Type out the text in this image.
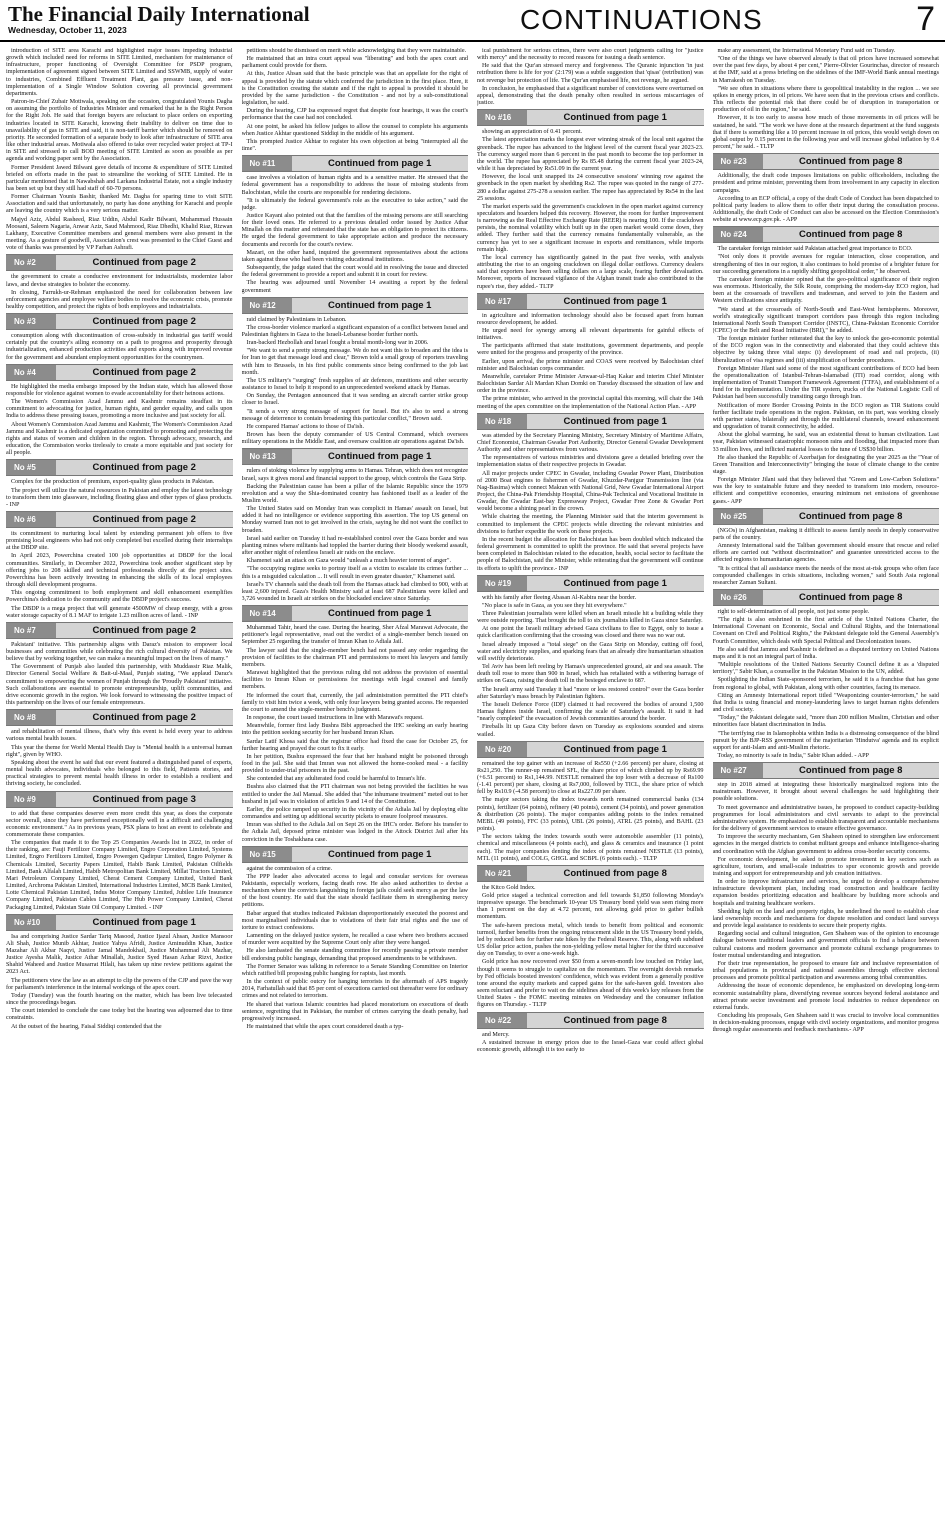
The Financial Daily International
Wednesday, October 11, 2023	CONTINUATIONS	7

introduction of SITE area Karachi and highlighted major issues impeding industrial growth which included need for reforms in SITE Limited, mechanism for maintenance of infrastructure, proper functioning of Oversight Committee for PSDP program, implementation of agreement signed between SITE Limited and SSWMB, supply of water to industries, Combined Effluent Treatment Plant, gas pressure issue, and non-implementation of a Single Window Solution covering all provincial government departments.

Patron-in-Chief Zubair Motiwala, speaking on the occasion, congratulated Younis Dagha on assuming the portfolio of Industries Minister and remarked that he is the Right Person for the Right Job. He said that foreign buyers are reluctant to place orders on exporting industries located in SITE Karachi, knowing their inability to deliver on time due to unavailability of gas in SITE and said, it is non-tariff barrier which should be removed on priority. He seconded formation of a separate body to look after infrastructure of SITE area like other industrial areas. Motiwala also offered to take over recycled water project at TP-I in SITE and stressed to call BOD meeting of SITE Limited as soon as possible as per agenda and working paper sent by the Association.

Former President Jawed Bilwani gave details of income & expenditure of SITE Limited briefed on efforts made in the past to streamline the working of SITE Limited. He in particular mentioned that in Nawabshah and Larkana Industrial Estate, not a single industry has been set up but they still had staff of 60-70 persons.

Former Chairman Younis Bashir, thanked Mr. Dagha for sparing time to visit SITE Association and said that unfortunately, no party has done anything for Karachi and people are leaving the country which is a very serious matter.

Majyd Aziz, Abdul Rasheed, Riaz Uddin, Abdul Kadir Bilwani, Muhammad Hussain Moosani, Saleem Nagaria, Anwar Aziz, Saud Mahmood, Riaz Dhedhi, Khalid Riaz, Rizwan Lakhany, Executive Committee members and general members were also present in the meeting. As a gesture of goodwill, Association's crest was presented to the Chief Guest and vote of thanks was presented by VP Farhan Ashrafi.

No #2	Continued from page 2

the government to create a conducive environment for industrialists, modernize labor laws, and devise strategies to bolster the economy.

In closing, Farrukh-ur-Rehman emphasized the need for collaboration between law enforcement agencies and employee welfare bodies to resolve the economic crisis, promote healthy competition, and protect the rights of both employees and industrialists.

No #3	Continued from page 2

consumption along with discontinuation of cross-subsidy in industrial gas tariff would certainly put the country's ailing economy on a path to progress and prosperity through industrialization, enhanced production activities and exports along with improved revenue for the government and abundant employment opportunities for the countrymen.

No #4	Continued from page 2

He highlighted the media embargo imposed by the Indian state, which has allowed those responsible for violence against women to evade accountability for their heinous actions.

The Women's Commission Azad Jammu and Kashmir remains steadfast in its commitment to advocating for justice, human rights, and gender equality, and calls upon India to address these pressing issues, promoting a more inclusive and just society for all.

About Women's Commission Azad Jammu and Kashmir, The Women's Commission Azad Jammu and Kashmir is a dedicated organization committed to promoting and protecting the rights and status of women and children in the region. Through advocacy, research, and education, the Commission works tirelessly to create a more equitable and just society for all people.

No #5	Continued from page 2

Complex for the production of premium, export-quality glass products in Pakistan.

The project will utilize the natural resources in Pakistan and employ the latest technology to transform them into glassware, including floating glass and other types of glass products. - INP

No #6	Continued from page 2

its commitment to nurturing local talent by extending permanent job offers to five promising local engineers who had not only completed but excelled during their internships at the DBDP site.

In April 2023, Powerchina created 100 job opportunities at DBDP for the local communities. Similarly, in December 2022, Powerchina took another significant step by offering jobs to 208 skilled and technical professionals directly at the project sites. Powerchina has been actively investing in enhancing the skills of its local employees through skill development programs.

This ongoing commitment to both employment and skill enhancement exemplifies Powerchina's dedication to the community and the DBDP project's success.

The DBDP is a mega project that will generate 4500MW of cheap energy, with a gross water storage capacity of 8.1 MAF to irrigate 1.23 million acres of land. - INP

No #7	Continued from page 2

Pakistani' initiative. This partnership aligns with Daraz's mission to empower local businesses and communities while celebrating the rich cultural diversity of Pakistan. We believe that by working together, we can make a meaningful impact on the lives of many."

The Government of Punjab also lauded this partnership, with Muddassir Riaz Malik, Director General Social Welfare & Bait-ul-Maal, Punjab stating, "We applaud Daraz's commitment to empowering the women of Punjab through the 'Proudly Pakistani' initiative. Such collaborations are essential to promote entrepreneurship, uplift communities, and drive economic growth in the region. We look forward to witnessing the positive impact of this partnership on the lives of our female entrepreneurs.

No #8	Continued from page 2

and rehabilitation of mental illness, that's why this event is held every year to address various mental health issues.

This year the theme for World Mental Health Day is "Mental health is a universal human right", given by WHO.

Speaking about the event he said that our event featured a distinguished panel of experts, mental health advocates, individuals who belonged to this field, Patients stories, and practical strategies to prevent mental health illness in order to establish a resilient and thriving society, he concluded.

No #9	Continued from page 3

to add that these companies deserve even more credit this year, as does the corporate sector overall, since they have performed exceptionally well in a difficult and challenging economic environment." As in previous years, PSX plans to host an event to celebrate and commemorate these companies.

The companies that made it to the Top 25 Companies Awards list in 2022, in order of their ranking, are: Fauji Fertilizer Company Limited, Engro Corporation Limited, Systems Limited, Engro Fertilizers Limited, Engro Powergen Qadirpur Limited, Engro Polymer & Chemicals Limited, Security Papers Limited, Habib Bank Limited, Pakistan Oilfields Limited, Bank Alfalah Limited, Habib Metropolitan Bank Limited, Millat Tractors Limited, Mari Petroleum Company Limited, Cherat Cement Company Limited, United Bank Limited, Archroma Pakistan Limited, International Industries Limited, MCB Bank Limited, Lotte Chemical Pakistan Limited, Indus Motor Company Limited, Jubilee Life Insurance Company Limited, Pakistan Cables Limited, The Hub Power Company Limited, Cherat Packaging Limited, Pakistan State Oil Company Limited. - INP

No #10	Continued from page 1

Isa and comprising Justice Sardar Tariq Masood, Justice Ijazul Ahsan, Justice Mansoor Ali Shah, Justice Munib Akhtar, Justice Yahya Afridi, Justice Aminuddin Khan, Justice Mazahar Ali Akbar Naqvi, Justice Jamal Mandokhail, Justice Muhammad Ali Mazhar, Justice Ayesha Malik, Justice Athar Minallah, Justice Syed Hasan Azhar Rizvi, Justice Shahid Waheed and Justice Musarrat Hilali, has taken up nine review petitions against the 2023 Act.

The petitioners view the law as an attempt to clip the powers of the CJP and pave the way for parliament's interference in the internal workings of the apex court.

Today (Tuesday) was the fourth hearing on the matter, which has been live telecasted since the proceedings began.

The court intended to conclude the case today but the hearing was adjourned due to time constraints.

At the outset of the hearing, Faisal Siddiqi contended that the

petitions should be dismissed on merit while acknowledging that they were maintainable.

He maintained that an intra court appeal was "liberating" and both the apex court and parliament could provide for them.

At this, Justice Ahsan said that the basic principle was that an appellate for the right of appeal is provided by the statute which conferred the jurisdiction in the first place. Here, it is the Constitution creating the statute and if the right to appeal is provided it should be provided by the same jurisdiction - the Constitution - and not by a sub-constitutional legislation, he said.

During the hearing, CJP Isa expressed regret that despite four hearings, it was the court's performance that the case had not concluded.

At one point, he asked his fellow judges to allow the counsel to complete his arguments when Justice Akhtar questioned Siddiqi in the middle of his argument.

This prompted Justice Akhtar to register his own objection at being "interrupted all the time".

No #11	Continued from page 1

case involves a violation of human rights and is a sensitive matter. He stressed that the federal government has a responsibility to address the issue of missing students from Balochistan, while the courts are responsible for rendering decisions.

"It is ultimately the federal government's role as the executive to take action," said the judge.

Justice Kayani also pointed out that the families of the missing persons are still searching for their loved ones. He referred to a previous detailed order issued by Justice Athar Minallah on this matter and reiterated that the state has an obligation to protect its citizens. He urged the federal government to take appropriate action and produce the necessary documents and records for the court's review.

Mazari, on the other hand, inquired the government representatives about the actions taken against those who had been visiting educational institutions.

Subsequently, the judge stated that the court would aid in resolving the issue and directed the federal government to provide a report and submit it in court for review.

The hearing was adjourned until November 14 awaiting a report by the federal government

No #12	Continued from page 1

raid claimed by Palestinians in Lebanon.

The cross-border violence marked a significant expansion of a conflict between Israel and Palestinian fighters in Gaza to the Israeli-Lebanese border further north.

Iran-backed Hezbollah and Israel fought a brutal month-long war in 2006.

"We want to send a pretty strong message. We do not want this to broaden and the idea is for Iran to get that message loud and clear," Brown told a small group of reporters traveling with him to Brussels, in his first public comments since being confirmed to the job last month.

The US military's "surging" fresh supplies of air defences, munitions and other security assistance to Israel to help it respond to an unprecedented weekend attack by Hamas.

On Sunday, the Pentagon announced that it was sending an aircraft carrier strike group closer to Israel.

"It sends a very strong message of support for Israel. But it's also to send a strong message of deterrence to contain broadening this particular conflict," Brown said.

He compared Hamas' actions to those of Da'ish.

Brown has been the deputy commander of US Central Command, which oversees military operations in the Middle East, and oversaw coalition air operations against Da'ish.

No #13	Continued from page 1

rulers of stoking violence by supplying arms to Hamas. Tehran, which does not recognize Israel, says it gives moral and financial support to the group, which controls the Gaza Strip.

Backing the Palestinian cause has been a pillar of the Islamic Republic since the 1979 revolution and a way the Shia-dominated country has fashioned itself as a leader of the Muslim world.

The United States said on Monday Iran was complicit in Hamas' assault on Israel, but added it had no intelligence or evidence supporting this assertion. The top US general on Monday warned Iran not to get involved in the crisis, saying he did not want the conflict to broaden.

Israel said earlier on Tuesday it had re-established control over the Gaza border and was planting mines where militants had toppled the barrier during their bloody weekend assault, after another night of relentless Israeli air raids on the enclave.

Khamenei said an attack on Gaza would "unleash a much heavier torrent of anger".

"The occupying regime seeks to portray itself as a victim to escalate its crimes further ... this is a misguided calculation ... It will result in even greater disaster," Khamenei said.

Israel's TV channels said the death toll from the Hamas attack had climbed to 900, with at least 2,600 injured. Gaza's Health Ministry said at least 687 Palestinians were killed and 3,726 wounded in Israeli air strikes on the blockaded enclave since Saturday.

No #14	Continued from page 1

Muhammad Tahir, heard the case. During the hearing, Sher Afzal Marawat Advocate, the petitioner's legal representative, read out the verdict of a single-member bench issued on September 25 regarding the transfer of Imran Khan to Adiala Jail.

The lawyer said that the single-member bench had not passed any order regarding the provision of facilities to the chairman PTI and permissions to meet his lawyers and family members.

Marawat highlighted that the previous ruling did not address the provision of essential facilities to Imran Khan or permissions for meetings with legal counsel and family members.

He informed the court that, currently, the jail administration permitted the PTI chief's family to visit him twice a week, with only four lawyers being granted access. He requested the court to amend the single-member bench's judgment.

In response, the court issued instructions in line with Marawat's request.

Meanwhile, former first lady Bushra Bibi approached the IHC seeking an early hearing into the petition seeking security for her husband Imran Khan.

Sardar Latif Khosa said that the registrar office had fixed the case for October 25, for further hearing and prayed the court to fix it early.

In her petition, Bushra expressed the fear that her husband might be poisoned through food in the jail. She said that Imran was not allowed the home-cooked meal - a facility provided to under-trial prisoners in the past.

She contended that any adulterated food could be harmful to Imran's life.

Bushra also claimed that the PTI chairman was not being provided the facilities he was entitled to under the Jail Manual. She added that "the inhumane treatment" meted out to her husband in jail was in violation of articles 9 and 14 of the Constitution.

Earlier, the police ramped up security in the vicinity of the Adiala Jail by deploying elite commandos and setting up additional security pickets to ensure foolproof measures.

Imran was shifted to the Adiala Jail on Sept 26 on the IHC's order. Before his transfer to the Adiala Jail, deposed prime minister was lodged in the Attock District Jail after his conviction in the Toshakhana case.

No #15	Continued from page 1

against the commission of a crime.

The PPP leader also advocated access to legal and consular services for overseas Pakistanis, especially workers, facing death row. He also asked authorities to devise a mechanism where the convicts languishing in foreign jails could seek mercy as per the law of the host country. He said that the state should facilitate them in strengthening mercy petitions.

Babar argued that studies indicated Pakistan disproportionately executed the poorest and most marginalised individuals due to violations of their fair trial rights and the use of torture to extract confessions.

Lamenting on the delayed justice system, he recalled a case where two brothers accused of murder were acquitted by the Supreme Court only after they were hanged.

He also lambasted the senate standing committee for recently passing a private member bill endorsing public hangings, demanding that proposed amendments to be withdrawn.

The Former Senator was talking in reference to a Senate Standing Committee on Interior which ratified bill proposing public hanging for rapists, last month.

In the context of public outcry for hanging terrorists in the aftermath of APS tragedy 2014, Farhatullah said that 85 per cent of executions carried out thereafter were for ordinary crimes and not related to terrorism.

He shared that various Islamic countries had placed moratorium on executions of death sentence, regretting that in Pakistan, the number of crimes carrying the death penalty, had progressively increased.

He maintained that while the apex court considered death a typ-

ical punishment for serious crimes, there were also court judgments calling for "justice with mercy" and the necessity to record reasons for issuing a death sentence.

He said that the Qur'an stressed mercy and forgiveness. The Quranic injunction 'in just retribution there is life for you' (2:179) was a subtle suggestion that 'qisas' (retribution) was not revenge but protection of life. The Qur'an emphasised life, not revenge, he argued.

In conclusion, he emphasised that a significant number of convictions were overturned on appeal, demonstrating that the death penalty often resulted in serious miscarriages of justice.

No #16	Continued from page 1

showing an appreciation of 0.41 percent.

The latest appreciation marks the longest ever winning streak of the local unit against the greenback. The rupee has advanced to the highest level of the current fiscal year 2023-23. The currency surged more than 6 percent in the past month to become the top performer in the world. The rupee has appreciated by Rs 85.48 during the current fiscal year 2023-24, while it has depreciated by Rs51.09 in the current year.

However, the local unit snapped its 24 consecutive sessions' winning row against the greenback in the open market by shedding Rs2. The rupee was quoted in the range of 277-280 a dollar against 275-278 a session earlier. The rupee has appreciated by Rs54 in the last 25 sessions.

The market experts said the government's crackdown in the open market against currency speculators and hoarders helped this recovery. However, the room for further improvement is narrowing as the Real Effective Exchange Rate (REER) is nearing 100. If the crackdown persists, the nominal volatility which built up in the open market would come down, they added. They further said that the currency remains fundamentally vulnerable, as the currency has yet to see a significant increase in exports and remittances, while imports remain high.

The local currency has significantly gained in the past five weeks, with analysts attributing the rise to an ongoing crackdown on illegal dollar outflows. Currency dealers said that exporters have been selling dollars on a large scale, fearing further devaluation. Moreover, reports of increased vigilance of the Afghan transit trade also contributed to the rupee's rise, they added.- TLTP

No #17	Continued from page 1

in agriculture and information technology should also be focused apart from human resource development, he added.

He urged need for synergy among all relevant departments for gainful effects of initiatives.

The participants affirmed that state institutions, government departments, and people were united for the progress and prosperity of the province.

Earlier, upon arrival, the prime minister and COAS were received by Balochistan chief minister and Balochistan corps commander.

Meanwhile, caretaker Prime Minister Anwaar-ul-Haq Kakar and interim Chief Minister Balochistan Sardar Ali Mardan Khan Domki on Tuesday discussed the situation of law and order in the province.

The prime minister, who arrived in the provincial capital this morning, will chair the 14th meeting of the apex committee on the implementation of the National Action Plan. - APP

No #18	Continued from page 1

was attended by the Secretary Planning Ministry, Secretary Ministry of Maritime Affairs, Chief Economist, Chairman Gwadar Port Authority, Director General Gwadar Development Authority and other representatives from various.

The representatives of various ministries and divisions gave a detailed briefing over the implementation status of their respective projects in Gwadar.

All major projects under CPEC in Gwadar, including Gwadar Power Plant, Distribution of 2000 Boat engines to fishermen of Gwadar, Khuzdar-Panjgur Transmission line (via Nag-Basima) which connect Makran with National Grid, New Gwadar International Airport Project, the China-Pak Friendship Hospital, China-Pak Technical and Vocational Institute in Gwadar, the Gwadar East-bay Expressway Project, Gwadar Free Zone & Gwadar Port would become a shining pearl in the crown.

While chairing the meeting, the Planning Minister said that the interim government is committed to implement the CPEC projects while directing the relevant ministries and divisions to further expedite the work on these projects.

In the recent budget the allocation for Balochistan has been doubled which indicated the federal government is committed to uplift the province. He said that several projects have been completed in Balochistan related to the education, health, social sector to facilitate the people of Balochistan, said the Minister, while reiterating that the government will continue its efforts to uplift the province.- INP

No #19	Continued from page 1

with his family after fleeing Abasan Al-Kabira near the border.

"No place is safe in Gaza, as you see they hit everywhere."

Three Palestinian journalists were killed when an Israeli missile hit a building while they were outside reporting. That brought the toll to six journalists killed in Gaza since Saturday.

At one point the Israeli military advised Gaza civilians to flee to Egypt, only to issue a quick clarification confirming that the crossing was closed and there was no war out.

Israel already imposed a "total siege" on the Gaza Strip on Monday, cutting off food, water and electricity supplies, and sparking fears that an already dire humanitarian situation will swiftly deteriorate.

Tel Aviv has been left reeling by Hamas's unprecedented ground, air and sea assault. The death toll rose to more than 900 in Israel, which has retaliated with a withering barrage of strikes on Gaza, raising the death toll in the besieged enclave to 687.

The Israeli army said Tuesday it had "more or less restored control" over the Gaza border after Saturday's mass breach by Palestinian fighters.

The Israeli Defence Force (IDF) claimed it had recovered the bodies of around 1,500 Hamas fighters inside Israel, confirming the scale of Saturday's assault. It said it had "nearly completed" the evacuation of Jewish communities around the border.

Fireballs lit up Gaza City before dawn on Tuesday as explosions sounded and sirens wailed.

No #20	Continued from page 1

remained the top gainer with an increase of Rs550 (+2.66 percent) per share, closing at Rs21,250. The runner-up remained SFL, the share price of which climbed up by Rs69.99 (+6.51 percent) to Rs1,144.99. NESTLE remained the top loser with a decrease of Rs100 (-1.41 percent) per share, closing at Rs7,000, followed by TICL, the share price of which fell by Rs10.9 (-4.58 percent) to close at Rs227.09 per share.

The major sectors taking the index towards north remained commercial banks (134 points), fertilizer (64 points), refinery (40 points), cement (34 points), and power generation & distribution (26 points). The major companies adding points to the index remained MEBL (49 points), FFC (33 points), UBL (26 points), ATRL (25 points), and BAHL (23 points).

The sectors taking the index towards south were automobile assembler (11 points), chemical and miscellaneous (4 points each), and glass & ceramics and insurance (1 point each). The major companies denting the index of points remained NESTLE (13 points), MTL (11 points), and COLG, GHGL and SCBPL (6 points each). - TLTP

No #21	Continued from page 8

the Kitco Gold Index.

Gold price staged a technical correction and fell towards $1,850 following Monday's impressive upsurge. The benchmark 10-year US Treasury bond yield was seen rising more than 1 percent on the day at 4.72 percent, not allowing gold price to gather bullish momentum.

The safe-haven precious metal, which tends to benefit from political and economic turmoil, further benefits from the ongoing retracement slide in the US Treasury bond yields, led by reduced bets for further rate hikes by the Federal Reserve. This, along with subdued US dollar price action, pushes the non-yielding yellow metal higher for the third successive day on Tuesday, to over a one-week high.

Gold price has now recovered over $50 from a seven-month low touched on Friday last, though it seems to struggle to capitalize on the momentum. The overnight dovish remarks by Fed officials boosted investors' confidence, which was evident from a generally positive tone around the equity markets and capped gains for the safe-haven gold. Investors also seem reluctant and prefer to wait on the sidelines ahead of this week's key releases from the United States - the FOMC meeting minutes on Wednesday and the consumer inflation figures on Thursday. - TLTP

No #22	Continued from page 8

and Mercy.

A sustained increase in energy prices due to the Israel-Gaza war could affect global economic growth, although it is too early to

make any assessment, the International Monetary Fund said on Tuesday.

"One of the things we have observed already is that oil prices have increased somewhat over the past few days, by about 4 per cent," Pierre-Olivier Gourinchas, director of research at the IMF, said at a press briefing on the sidelines of the IMF-World Bank annual meetings in Marrakesh on Tuesday.

"We see often in situations where there is geopolitical instability in the region ... we see spikes in energy prices, in oil prices. We have seen that in the previous crises and conflicts. This reflects the potential risk that there could be of disruption in transportation or production of oil in the region," he said.

However, it is too early to assess how much of those movements in oil prices will be sustained, he said. "The work we have done at the research department at the fund suggests that if there is something like a 10 percent increase in oil prices, this would weigh down on global output by 0.15 percent in the following year and will increase global inflation by 0.4 percent," he said. - TLTP

No #23	Continued from page 8

Additionally, the draft code imposes limitations on public officeholders, including the president and prime minister, preventing them from involvement in any capacity in election campaigns.

According to an ECP official, a copy of the draft Code of Conduct has been dispatched to political party leaders to allow them to offer their input during the consultation process. Additionally, the draft Code of Conduct can also be accessed on the Election Commission's website at www.ecp.gov.pk. - APP

No #24	Continued from page 8

The caretaker foreign minister said Pakistan attached great importance to ECO.

"Not only does it provide avenues for regular interaction, close cooperation, and strengthening of ties in our region, it also continues to hold promise of a brighter future for our succeeding generations in a rapidly shifting geopolitical order," he observed.

The caretaker foreign minister opined that the geo-political significance of their region was enormous. Historically, the Silk Route, comprising the modern-day ECO region, had been at the crossroads of travellers and tradesman, and served to join the Eastern and Western civilizations since antiquity.

"We stand at the crossroads of North-South and East-West hemispheres. Moreover, world's strategically significant transport corridors pass through this region including International North South Transport Corridor (INSTC), China-Pakistan Economic Corridor (CPEC) or the Belt and Road Initiative (BRI)," he added.

The foreign minister further reiterated that the key to unlock the geo-economic potential of the ECO region was in the connectivity and elaborated that they could achieve this objective by taking three vital steps: (i) development of road and rail projects, (ii) liberalization of visa regimes and (iii) simplification of border procedures.

Foreign Minister Jilani said some of the most significant contributions of ECO had been the operationalization of Istanbul-Tehran-Islamabad (ITI) road corridor, along with implementation of Transit Transport Framework Agreement (TTFA), and establishment of a fund for its implementation. Under the TIR system, trucks of the National Logistic Cell of Pakistan had been successfully transiting cargo through Iran.

Notification of more Border Crossing Points in the ECO region as TIR Stations could further facilitate trade operations in the region. Pakistan, on its part, was working closely with partner states, bilaterally and through the multilateral channels, toward enhancement and upgradation of transit connectivity, he added.

About the global warming, he said, was an existential threat to human civilization. Last year, Pakistan witnessed catastrophic monsoon rains and flooding, that impacted more than 33 million lives, and inflicted material losses to the tune of US$30 billion.

He also thanked the Republic of Azerbaijan for designating the year 2025 as the "Year of Green Transition and Interconnectivity" bringing the issue of climate change to the centre stage.

Foreign Minister Jilani said that they believed that "Green and Low-Carbon Solutions" was the key to sustainable future and they needed to transform into modern, resource-efficient and competitive economies, ensuring minimum net emissions of greenhouse gases.- APP

No #25	Continued from page 8

(NGOs) in Afghanistan, making it difficult to assess family needs in deeply conservative parts of the country.

Amnesty International said the Taliban government should ensure that rescue and relief efforts are carried out "without discrimination" and guarantee unrestricted access to the affected regions to humanitarian agencies.

"It is critical that all assistance meets the needs of the most at-risk groups who often face compounded challenges in crisis situations, including women," said South Asia regional researcher Zaman Sultani.

No #26	Continued from page 8

right to self-determination of all people, not just some people.

"The right is also enshrined in the first article of the United Nations Charter, the International Covenant on Economic, Social and Cultural Rights, and the International Covenant on Civil and Political Rights," the Pakistani delegate told the General Assembly's Fourth Committee, which deals with Special Political and Decolonization issues.

He also said that Jammu and Kashmir is defined as a disputed territory on United Nations maps and it is not an integral part of India.

"Multiple resolutions of the United Nations Security Council define it as a 'disputed territory'," Sabir Khan, a counsellor in the Pakistan Mission to the UN, added.

Spotlighting the Indian State-sponsored terrorism, he said it is a franchise that has gone from regional to global, with Pakistan, along with other countries, facing its menace.

Citing an Amnesty International report titled "Weaponizing counter-terrorism," he said that India is using financial and money-laundering laws to target human rights defenders and civil society.

"Today," the Pakistani delegate said, "more than 200 million Muslim, Christian and other minorities face blatant discrimination in India.

"The terrifying rise in Islamophobia within India is a distressing consequence of the blind pursuit by the BJP-RSS government of the majoritarian 'Hindutva' agenda and its explicit support for anti-Islam and anti-Muslim rhetoric.

Today, no minority is safe in India," Sabir Khan added. - APP

No #27	Continued from page 8

step in 2018 aimed at integrating these historically marginalized regions into the mainstream. However, it brought about several challenges he said highlighting their possible solutions.

To meet governance and administrative issues, he proposed to conduct capacity-building programmes for local administrators and civil servants to adapt to the provincial administrative system. He emphasized to establish transparent and accountable mechanisms for the delivery of government services to ensure effective governance.

To improve the security mechanism, Gen Shaheen opined to strengthen law enforcement agencies in the merged districts to combat militant groups and enhance intelligence-sharing and coordination with the Afghan government to address cross-border security concerns.

For economic development, he asked to promote investment in key sectors such as agriculture, tourism, and small-scale industries to spur economic growth and provide training and support for entrepreneurship and job creation initiatives.

In order to improve infrastructure and services, he urged to develop a comprehensive infrastructure development plan, including road construction and healthcare facility expansion besides prioritizing education and healthcare by building more schools and hospitals and training healthcare workers.

Shedding light on the land and property rights, he underlined the need to establish clear land ownership records and mechanisms for dispute resolution and conduct land surveys and provide legal assistance to residents to secure their property rights.

Regarding social and cultural integration, Gen Shaheen was of the opinion to encourage dialogue between traditional leaders and government officials to find a balance between cultural customs and modern governance and promote cultural exchange programmes to foster mutual understanding and integration.

For their true representation, he proposed to ensure fair and inclusive representation of tribal populations in provincial and national assemblies through effective electoral processes and promote political participation and awareness among tribal communities.

Addressing the issue of economic dependence, he emphasized on developing long-term economic sustainability plans, diversifying revenue sources beyond federal assistance and attract private sector investment and promote local industries to reduce dependence on external funds.

Concluding his proposals, Gen Shaheen said it was crucial to involve local communities in decision-making processes, engage with civil society organizations, and monitor progress through regular assessments and feedback mechanisms.- APP
